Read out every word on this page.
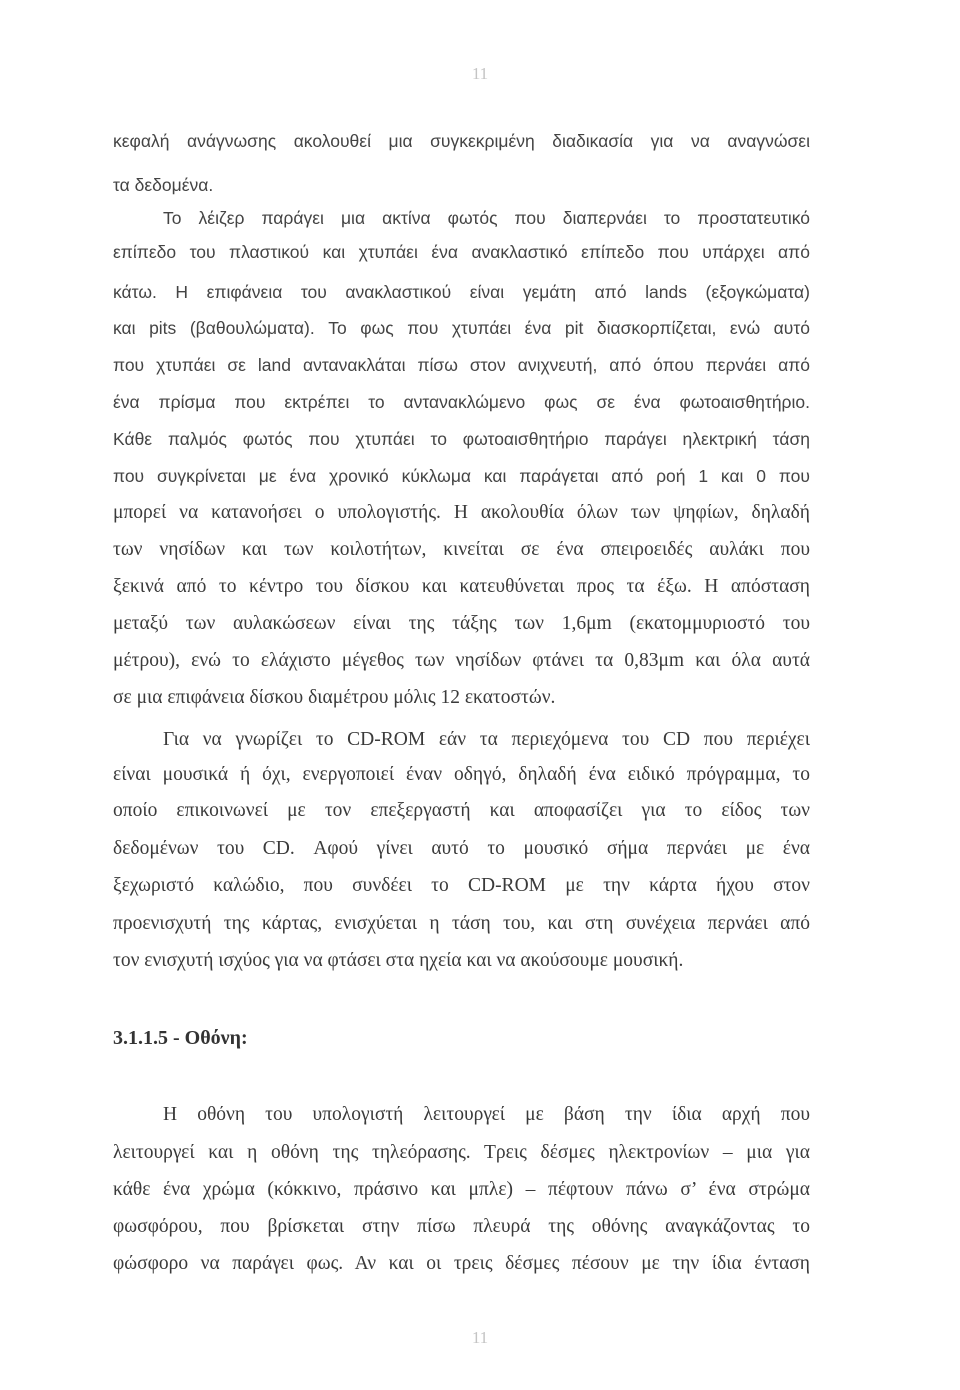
11
κεφαλή ανάγνωσης ακολουθεί μια συγκεκριμένη διαδικασία για να αναγνώσει
τα δεδομένα.
Το λέιζερ παράγει μια ακτίνα φωτός που διαπερνάει το προστατευτικό
επίπεδο του πλαστικού και χτυπάει ένα ανακλαστικό επίπεδο που υπάρχει από
κάτω. Η επιφάνεια του ανακλαστικού είναι γεμάτη από lands (εξογκώματα)
και pits (βαθουλώματα). Το φως που χτυπάει ένα pit διασκορπίζεται, ενώ αυτό
που χτυπάει σε land αντανακλάται πίσω στον ανιχνευτή, από όπου περνάει από
ένα πρίσμα που εκτρέπει το αντανακλώμενο φως σε ένα φωτοαισθητήριο.
Κάθε παλμός φωτός που χτυπάει το φωτοαισθητήριο παράγει ηλεκτρική τάση
που συγκρίνεται με ένα χρονικό κύκλωμα και παράγεται από ροή 1 και 0 που
μπορεί να κατανοήσει ο υπολογιστής. Η ακολουθία όλων των ψηφίων, δηλαδή
των νησίδων και των κοιλοτήτων, κινείται σε ένα σπειροειδές αυλάκι που
ξεκινά από το κέντρο του δίσκου και κατευθύνεται προς τα έξω. Η απόσταση
μεταξύ των αυλακώσεων είναι της τάξης των 1,6μm (εκατομμυριοστό του
μέτρου), ενώ το ελάχιστο μέγεθος των νησίδων φτάνει τα 0,83μm και όλα αυτά
σε μια επιφάνεια δίσκου διαμέτρου μόλις 12 εκατοστών.
Για να γνωρίζει το CD-ROM εάν τα περιεχόμενα του CD που περιέχει
είναι μουσικά ή όχι, ενεργοποιεί έναν οδηγό, δηλαδή ένα ειδικό πρόγραμμα, το
οποίο επικοινωνεί με τον επεξεργαστή και αποφασίζει για το είδος των
δεδομένων του CD. Αφού γίνει αυτό το μουσικό σήμα περνάει με ένα
ξεχωριστό καλώδιο, που συνδέει το CD-ROM με την κάρτα ήχου στον
προενισχυτή της κάρτας, ενισχύεται η τάση του, και στη συνέχεια περνάει από
τον ενισχυτή ισχύος για να φτάσει στα ηχεία και να ακούσουμε μουσική.
3.1.1.5 - Οθόνη:
Η οθόνη του υπολογιστή λειτουργεί με βάση την ίδια αρχή που
λειτουργεί και η οθόνη της τηλεόρασης. Τρεις δέσμες ηλεκτρονίων – μια για
κάθε ένα χρώμα (κόκκινο, πράσινο και μπλε) – πέφτουν πάνω σ’ ένα στρώμα
φωσφόρου, που βρίσκεται στην πίσω πλευρά της οθόνης αναγκάζοντας το
φώσφορο να παράγει φως. Αν και οι τρεις δέσμες πέσουν με την ίδια ένταση
11
